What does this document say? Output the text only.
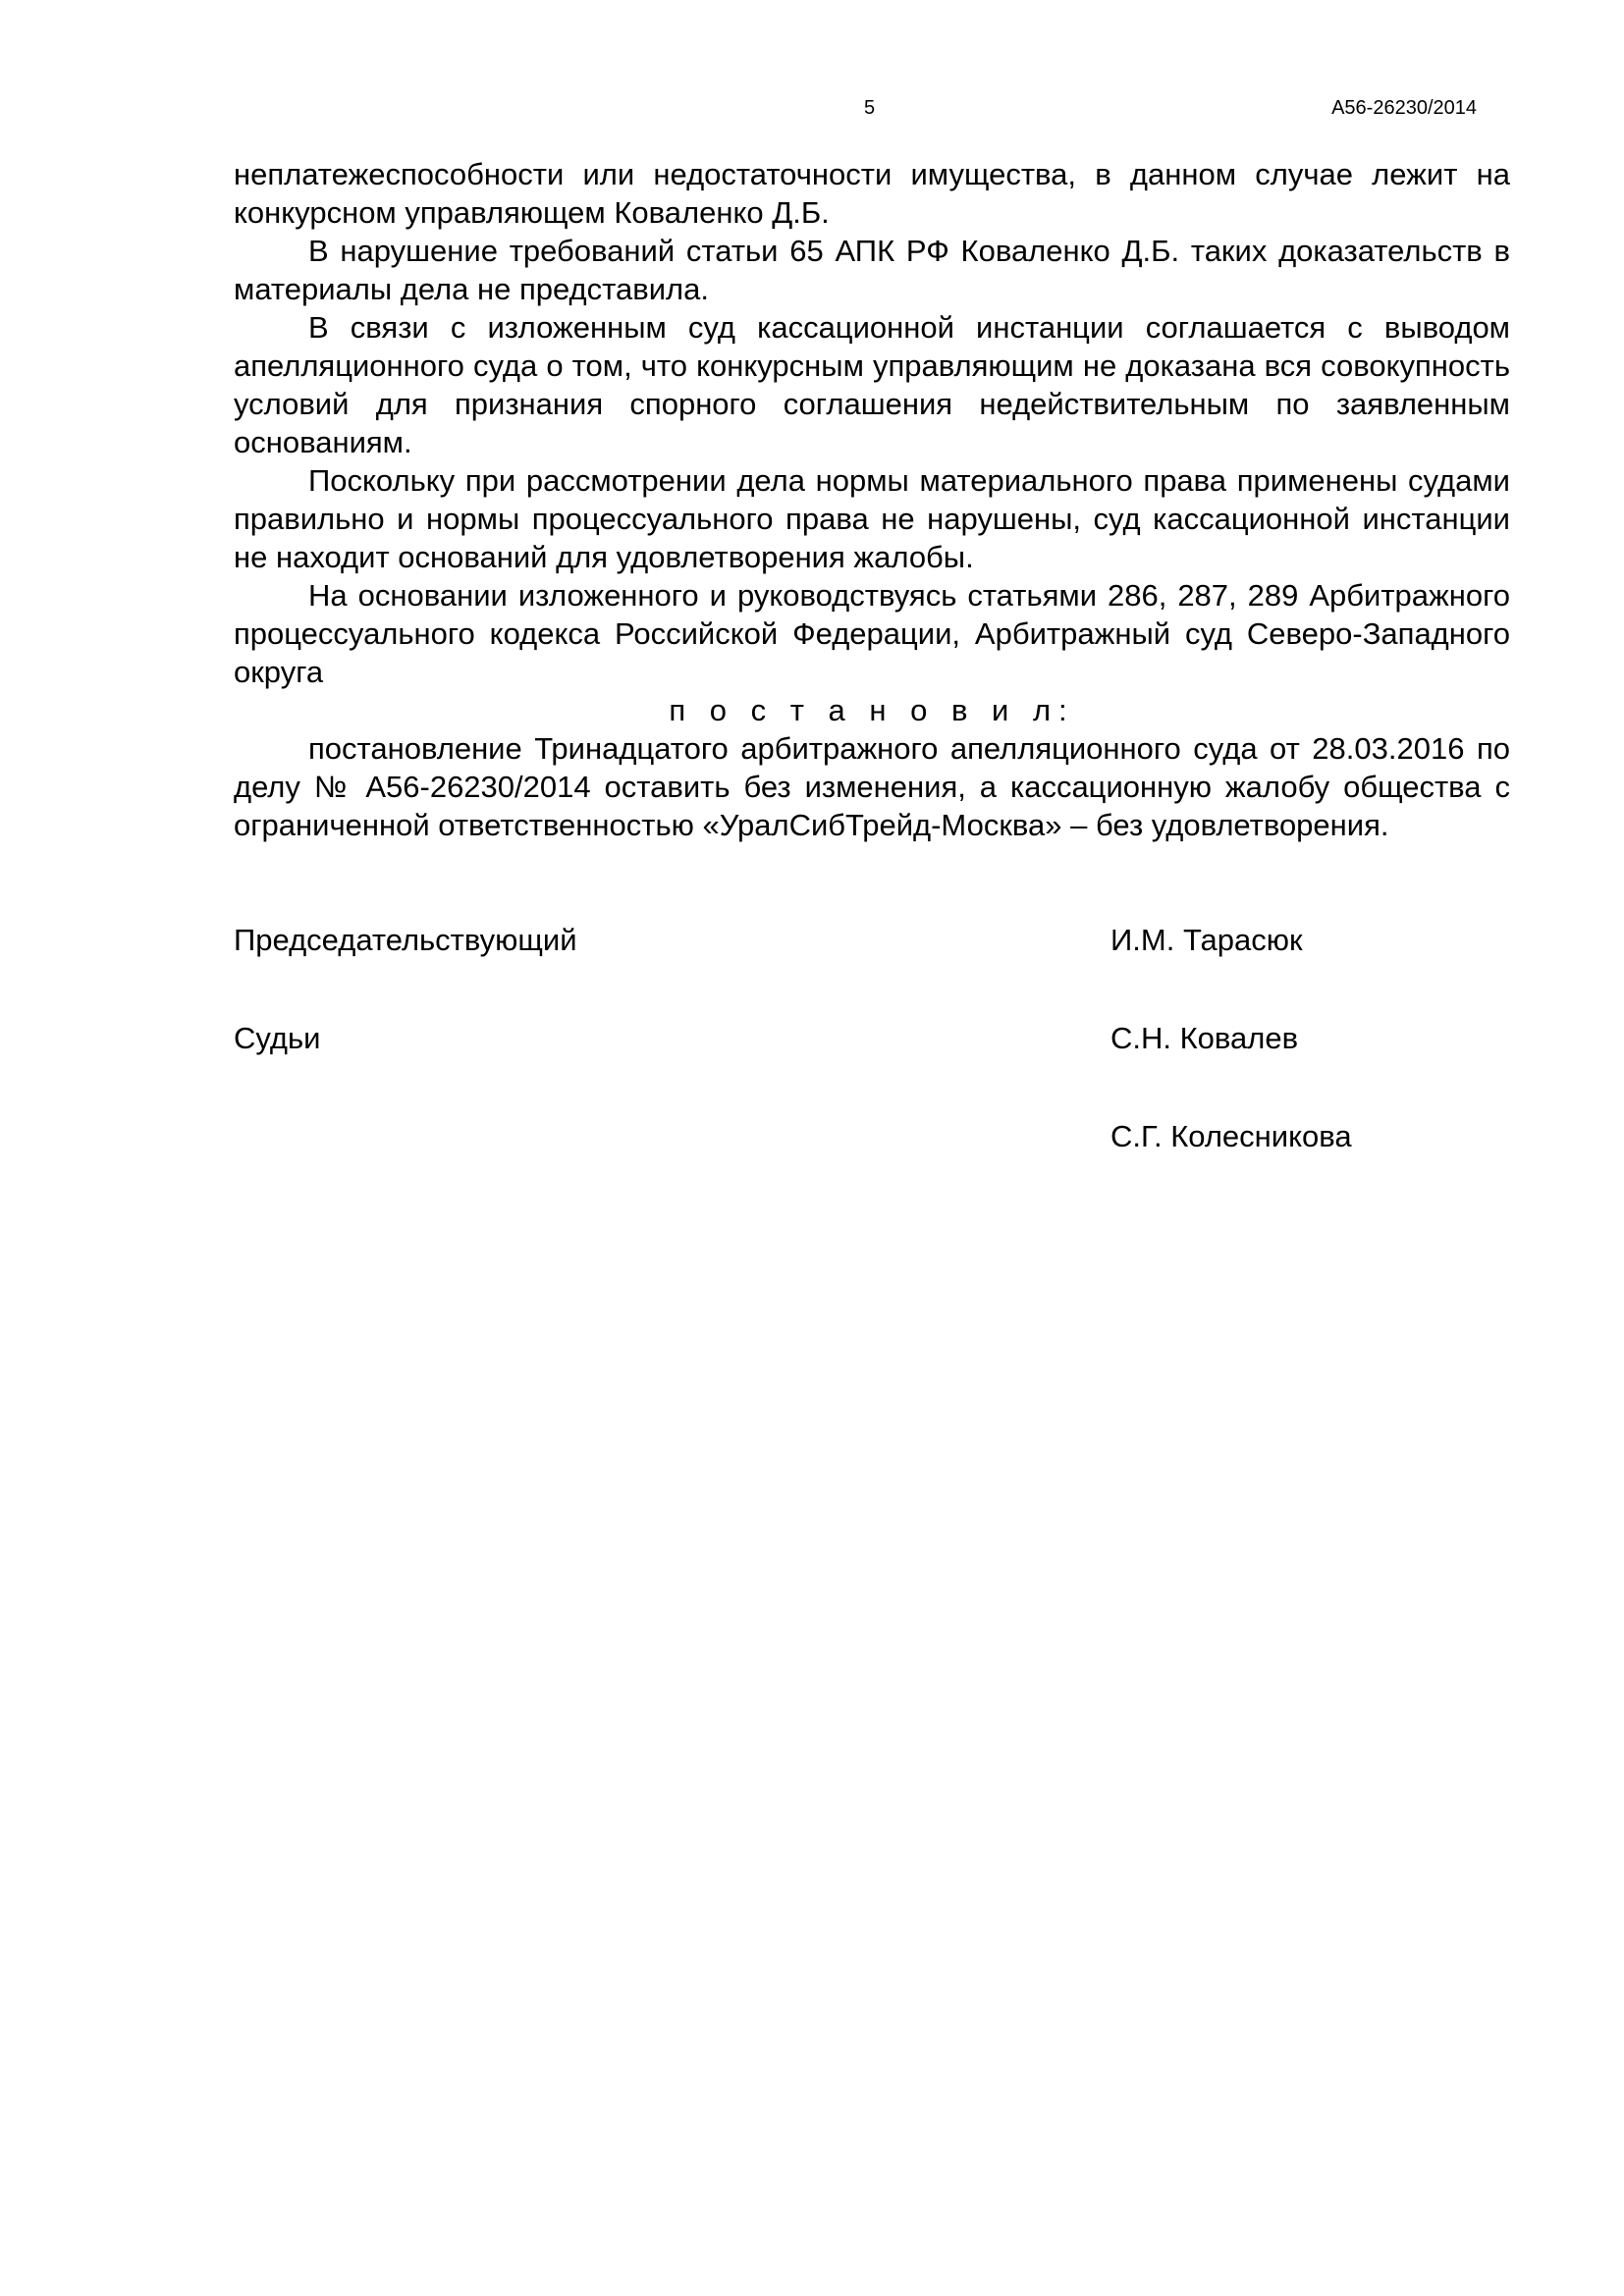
5	А56-26230/2014

неплатежеспособности или недостаточности имущества, в данном случае лежит на конкурсном управляющем Коваленко Д.Б.

В нарушение требований статьи 65 АПК РФ Коваленко Д.Б. таких доказательств в материалы дела не представила.

В связи с изложенным суд кассационной инстанции соглашается с выводом апелляционного суда о том, что конкурсным управляющим не доказана вся совокупность условий для признания спорного соглашения недействительным по заявленным основаниям.

Поскольку при рассмотрении дела нормы материального права применены судами правильно и нормы процессуального права не нарушены, суд кассационной инстанции не находит оснований для удовлетворения жалобы.

На основании изложенного и руководствуясь статьями 286, 287, 289 Арбитражного процессуального кодекса Российской Федерации, Арбитражный суд Северо-Западного округа

п о с т а н о в и л:

постановление Тринадцатого арбитражного апелляционного суда от 28.03.2016 по делу № А56-26230/2014 оставить без изменения, а кассационную жалобу общества с ограниченной ответственностью «УралСибТрейд-Москва» – без удовлетворения.

Председательствующий	И.М. Тарасюк
Судьи	С.Н. Ковалев
С.Г. Колесникова
